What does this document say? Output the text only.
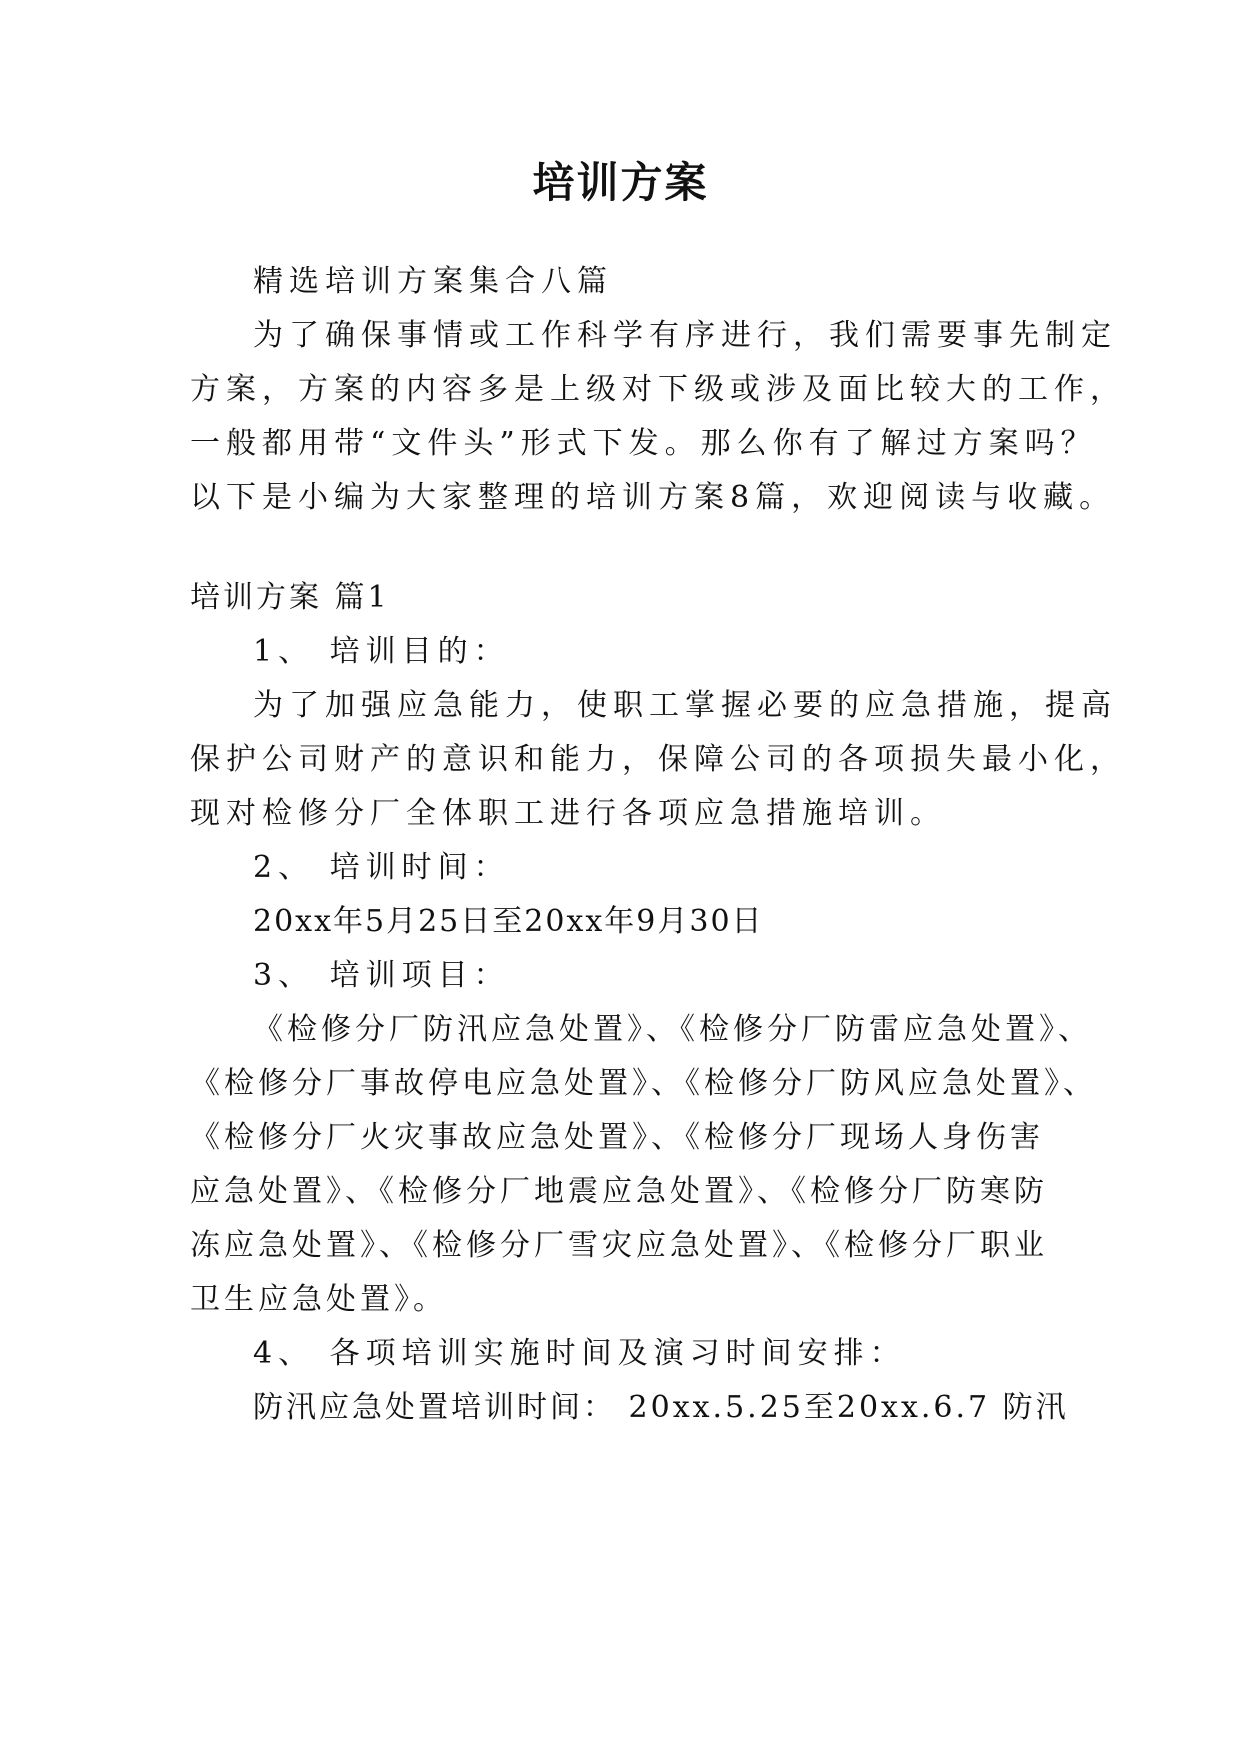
培训方案
精选培训方案集合八篇
为了确保事情或工作科学有序进行，我们需要事先制定
方案，方案的内容多是上级对下级或涉及面比较大的工作，
一般都用带“文件头”形式下发。那么你有了解过方案吗？
以下是小编为大家整理的培训方案8篇，欢迎阅读与收藏。
培训方案 篇1
1、 培训目的：
为了加强应急能力，使职工掌握必要的应急措施，提高
保护公司财产的意识和能力，保障公司的各项损失最小化，
现对检修分厂全体职工进行各项应急措施培训。
2、 培训时间：
20xx年5月25日至20xx年9月30日
3、 培训项目：
《检修分厂防汛应急处置》、《检修分厂防雷应急处置》、
《检修分厂事故停电应急处置》、《检修分厂防风应急处置》、
《检修分厂火灾事故应急处置》、《检修分厂现场人身伤害
应急处置》、《检修分厂地震应急处置》、《检修分厂防寒防
冻应急处置》、《检修分厂雪灾应急处置》、《检修分厂职业
卫生应急处置》。
4、 各项培训实施时间及演习时间安排：
防汛应急处置培训时间： 20xx.5.25至20xx.6.7 防汛
